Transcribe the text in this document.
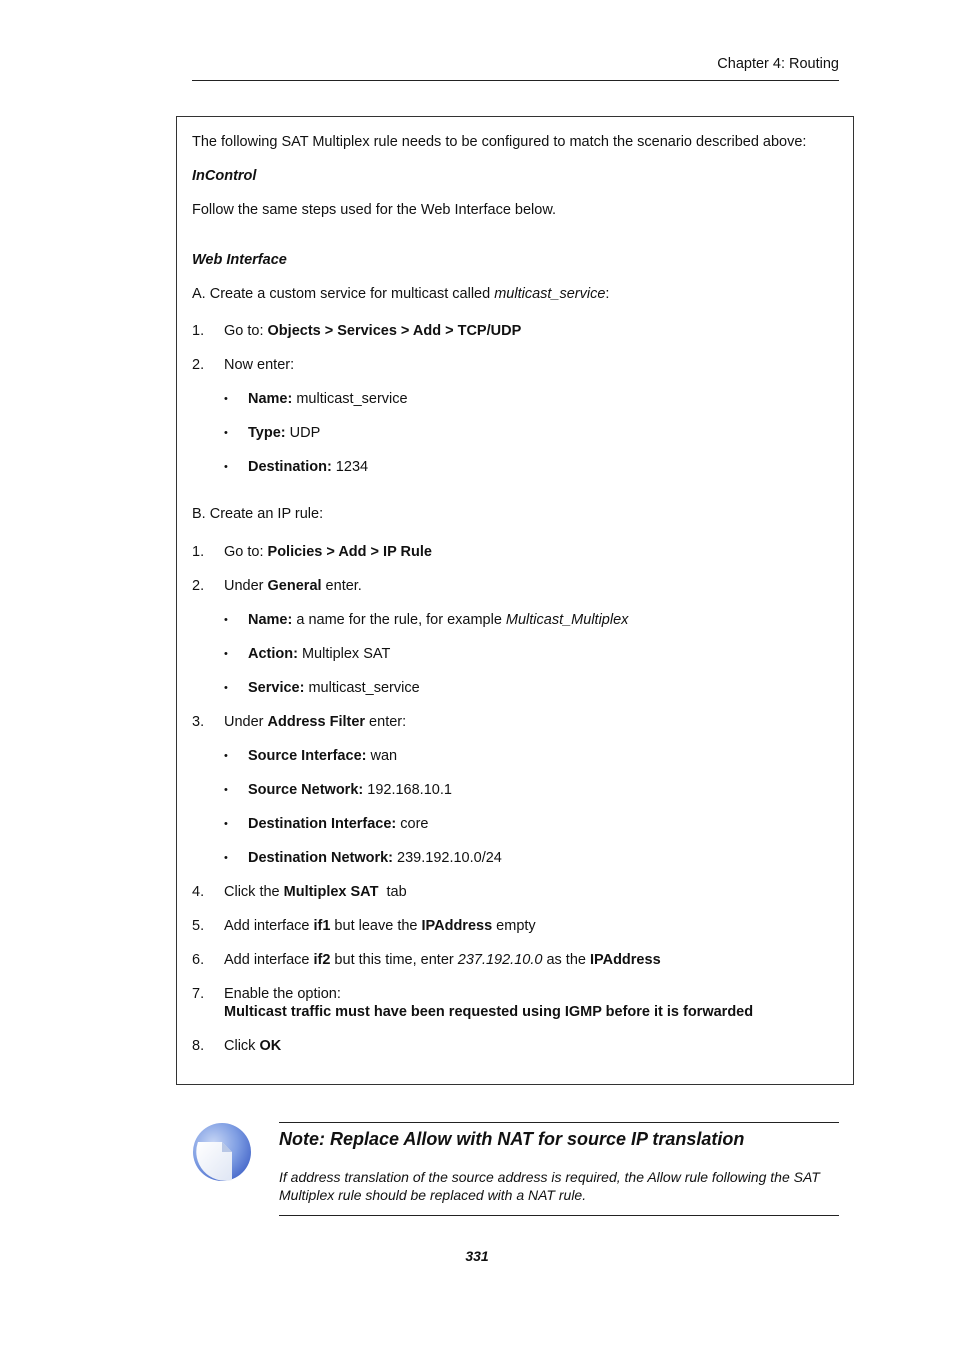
Chapter 4: Routing
The following SAT Multiplex rule needs to be configured to match the scenario described above:
InControl
Follow the same steps used for the Web Interface below.
Web Interface
A. Create a custom service for multicast called multicast_service:
1. Go to: Objects > Services > Add > TCP/UDP
2. Now enter:
• Name: multicast_service
• Type: UDP
• Destination: 1234
B. Create an IP rule:
1. Go to: Policies > Add > IP Rule
2. Under General enter.
• Name: a name for the rule, for example Multicast_Multiplex
• Action: Multiplex SAT
• Service: multicast_service
3. Under Address Filter enter:
• Source Interface: wan
• Source Network: 192.168.10.1
• Destination Interface: core
• Destination Network: 239.192.10.0/24
4. Click the Multiplex SAT  tab
5. Add interface if1 but leave the IPAddress empty
6. Add interface if2 but this time, enter 237.192.10.0 as the IPAddress
7. Enable the option:
Multicast traffic must have been requested using IGMP before it is forwarded
8. Click OK
Note: Replace Allow with NAT for source IP translation
If address translation of the source address is required, the Allow rule following the SAT Multiplex rule should be replaced with a NAT rule.
331
